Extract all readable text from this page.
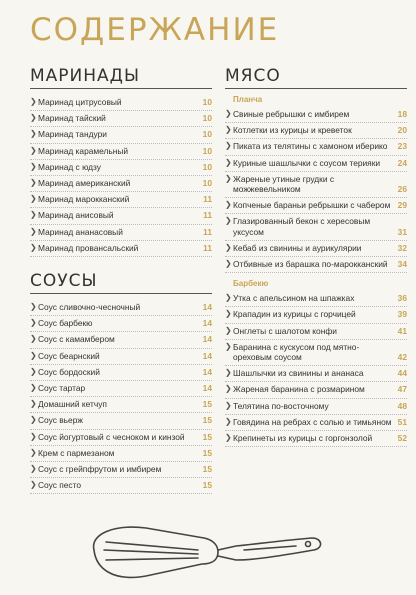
СОДЕРЖАНИЕ
МАРИНАДЫ
❯ Маринад цитрусовый	10
❯ Маринад тайский	10
❯ Маринад тандури	10
❯ Маринад карамельный	10
❯ Маринад с юдзу	10
❯ Маринад американский	10
❯ Маринад марокканский	11
❯ Маринад анисовый	11
❯ Маринад ананасовый	11
❯ Маринад провансальский	11
СОУСЫ
❯ Соус сливочно-чесночный	14
❯ Соус барбекю	14
❯ Соус с камамбером	14
❯ Соус беарнский	14
❯ Соус бордоский	14
❯ Соус тартар	14
❯ Домашний кетчуп	15
❯ Соус вьерж	15
❯ Соус йогуртовый с чесноком и кинзой	15
❯ Крем с пармезаном	15
❯ Соус с грейпфрутом и имбирем	15
❯ Соус песто	15
МЯСО
Планча
❯ Свиные ребрышки с имбирем	18
❯ Котлетки из курицы и креветок	20
❯ Пиката из телятины с хамоном иберико	23
❯ Куриные шашлычки с соусом терияки	24
❯ Жареные утиные грудки с можжевельником	26
❯ Копченые бараньи ребрышки с чабером 29
❯ Глазированный бекон с хересовым уксусом	31
❯ Кебаб из свинины и аурикулярии	32
❯ Отбивные из барашка по-марокканский	34
Барбекю
❯ Утка с апельсином на шпажках	36
❯ Крападин из курицы с горчицей	39
❯ Онглеты с шалотом конфи	41
❯ Баранина с кускусом под мятно-ореховым соусом	42
❯ Шашлычки из свинины и ананаса	44
❯ Жареная баранина с розмарином	47
❯ Телятина по-восточному	48
❯ Говядина на ребрах с солью и тимьяном 51
❯ Крепинеты из курицы с горгонзолой	52
